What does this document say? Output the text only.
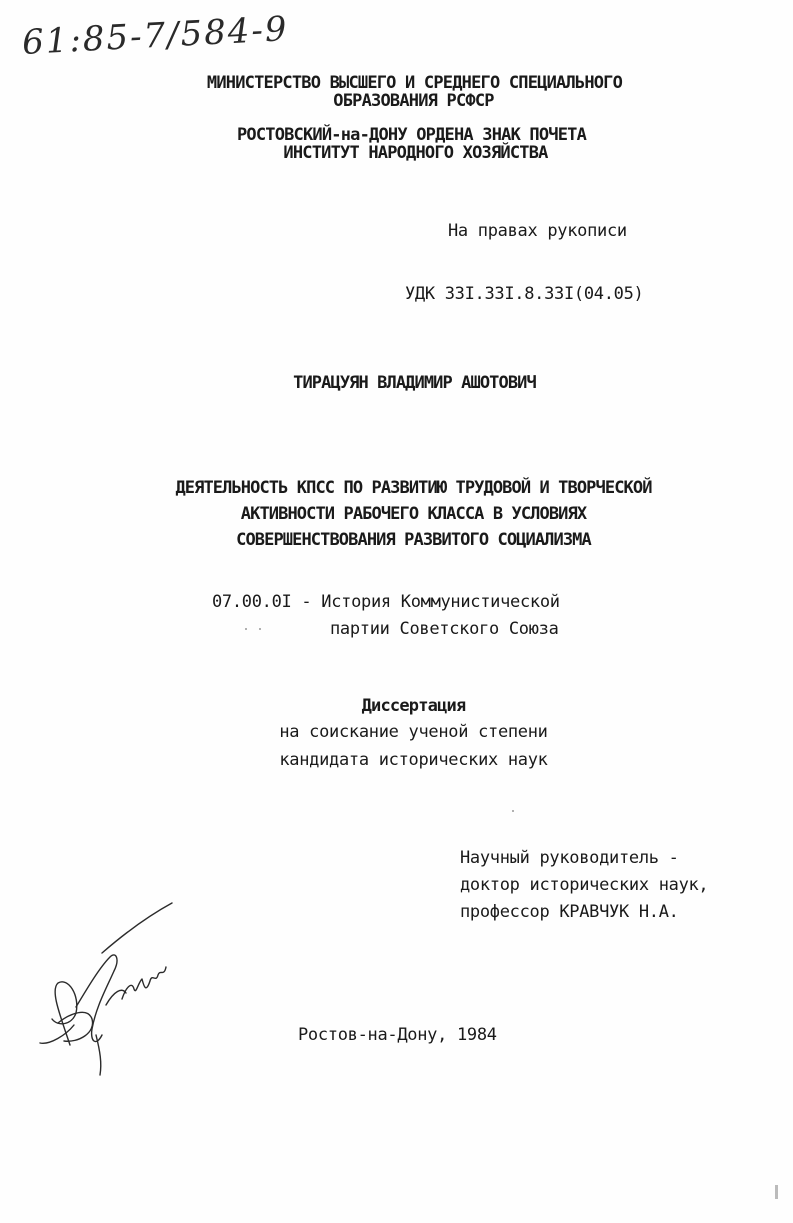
61:85-7/584-9
МИНИСТЕРСТВО ВЫСШЕГО И СРЕДНЕГО СПЕЦИАЛЬНОГО
ОБРАЗОВАНИЯ РСФСР
РОСТОВСКИЙ-на-ДОНУ ОРДЕНА ЗНАК ПОЧЕТА
ИНСТИТУТ НАРОДНОГО ХОЗЯЙСТВА
На правах рукописи
УДК 33I.33I.8.33I(04.05)
ТИРАЦУЯН ВЛАДИМИР АШОТОВИЧ
ДЕЯТЕЛЬНОСТЬ КПСС ПО РАЗВИТИЮ ТРУДОВОЙ И ТВОРЧЕСКОЙ
АКТИВНОСТИ РАБОЧЕГО КЛАССА В УСЛОВИЯХ
СОВЕРШЕНСТВОВАНИЯ РАЗВИТОГО СОЦИАЛИЗМА
07.00.0I - История Коммунистической
партии Советского Союза
Диссертация
на соискание ученой степени
кандидата исторических наук
Научный руководитель -
доктор исторических наук,
профессор КРАВЧУК Н.А.
Ростов-на-Дону, 1984
